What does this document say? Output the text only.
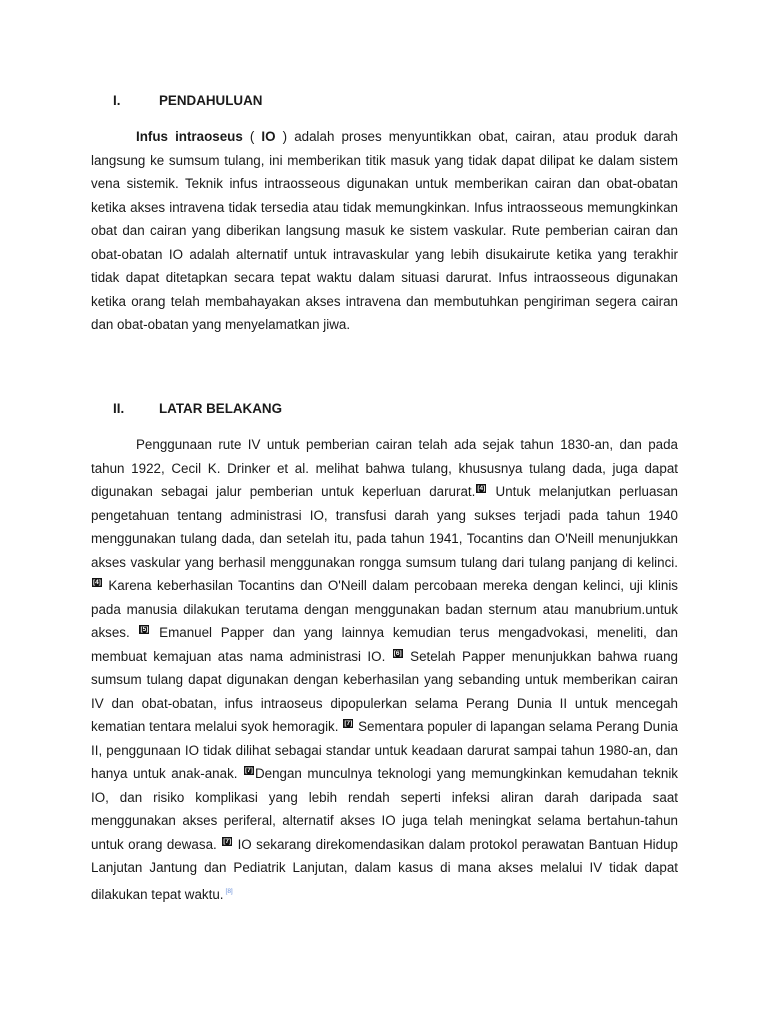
I.	PENDAHULUAN

Infus intraoseus ( IO ) adalah proses menyuntikkan obat, cairan, atau produk darah langsung ke sumsum tulang, ini memberikan titik masuk yang tidak dapat dilipat ke dalam sistem vena sistemik. Teknik infus intraosseous digunakan untuk memberikan cairan dan obat-obatan ketika akses intravena tidak tersedia atau tidak memungkinkan. Infus intraosseous memungkinkan obat dan cairan yang diberikan langsung masuk ke sistem vaskular. Rute pemberian cairan dan obat-obatan IO adalah alternatif untuk intravaskular yang lebih disukairute ketika yang terakhir tidak dapat ditetapkan secara tepat waktu dalam situasi darurat. Infus intraosseous digunakan ketika orang telah membahayakan akses intravena dan membutuhkan pengiriman segera cairan dan obat-obatan yang menyelamatkan jiwa.

II.	LATAR BELAKANG

Penggunaan rute IV untuk pemberian cairan telah ada sejak tahun 1830-an, dan pada tahun 1922, Cecil K. Drinker et al. melihat bahwa tulang, khususnya tulang dada, juga dapat digunakan sebagai jalur pemberian untuk keperluan darurat. [4] Untuk melanjutkan perluasan pengetahuan tentang administrasi IO, transfusi darah yang sukses terjadi pada tahun 1940 menggunakan tulang dada, dan setelah itu, pada tahun 1941, Tocantins dan O'Neill menunjukkan akses vaskular yang berhasil menggunakan rongga sumsum tulang dari tulang panjang di kelinci.[4] Karena keberhasilan Tocantins dan O'Neill dalam percobaan mereka dengan kelinci, uji klinis pada manusia dilakukan terutama dengan menggunakan badan sternum atau manubrium.untuk akses. [5] Emanuel Papper dan yang lainnya kemudian terus mengadvokasi, meneliti, dan membuat kemajuan atas nama administrasi IO. [6] Setelah Papper menunjukkan bahwa ruang sumsum tulang dapat digunakan dengan keberhasilan yang sebanding untuk memberikan cairan IV dan obat-obatan, infus intraoseus dipopulerkan selama Perang Dunia II untuk mencegah kematian tentara melalui syok hemoragik. [7] Sementara populer di lapangan selama Perang Dunia II, penggunaan IO tidak dilihat sebagai standar untuk keadaan darurat sampai tahun 1980-an, dan hanya untuk anak-anak. [7] Dengan munculnya teknologi yang memungkinkan kemudahan teknik IO, dan risiko komplikasi yang lebih rendah seperti infeksi aliran darah daripada saat menggunakan akses periferal, alternatif akses IO juga telah meningkat selama bertahun-tahun untuk orang dewasa. [7] IO sekarang direkomendasikan dalam protokol perawatan Bantuan Hidup Lanjutan Jantung dan Pediatrik Lanjutan, dalam kasus di mana akses melalui IV tidak dapat dilakukan tepat waktu. [8]
